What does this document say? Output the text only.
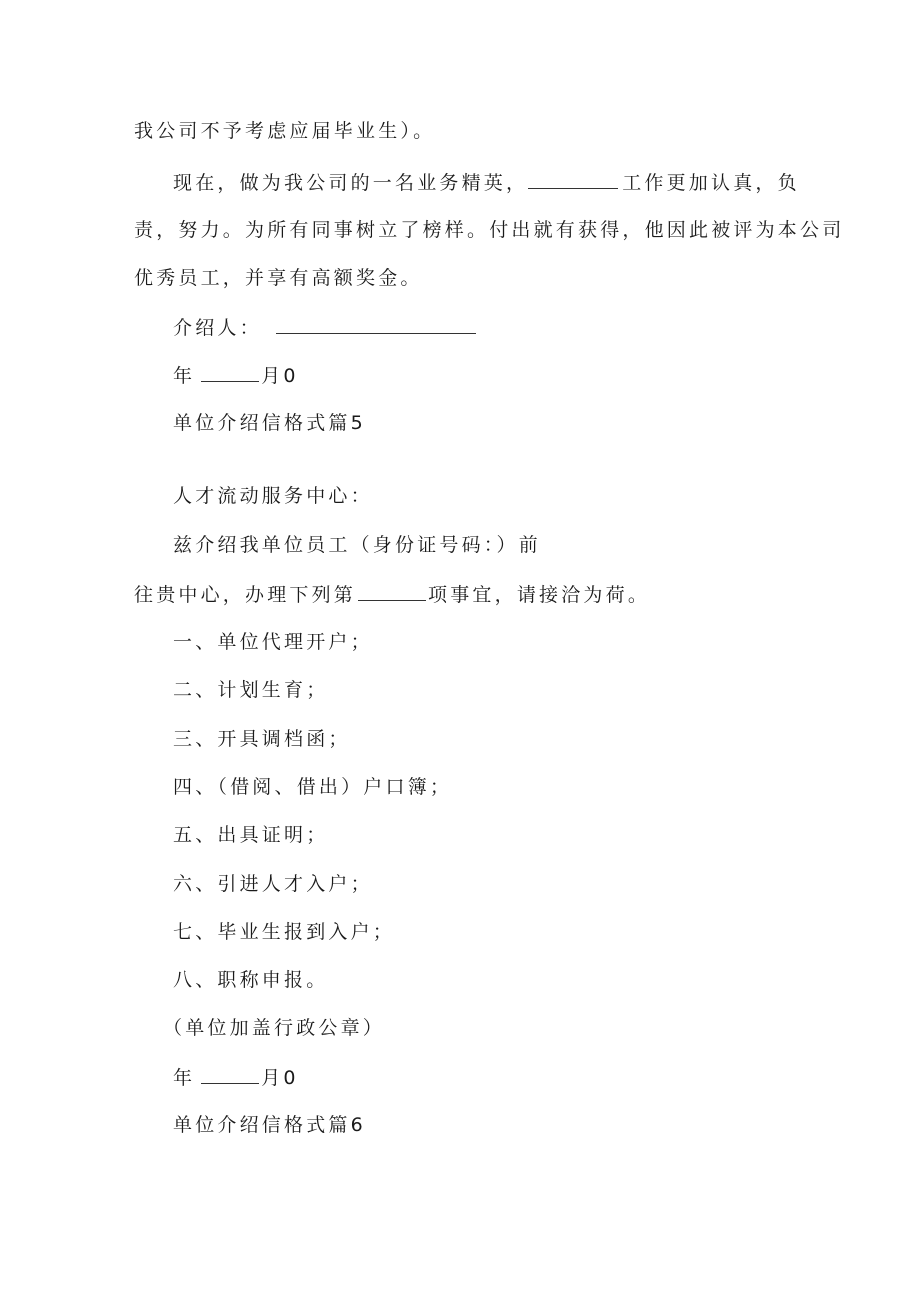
我公司不予考虑应届毕业生）。
现在，做为我公司的一名业务精英，	工作更加认真，负
责，努力。为所有同事树立了榜样。付出就有获得，他因此被评为本公司
优秀员工，并享有高额奖金。
介绍人：
年	月0
单位介绍信格式篇5
人才流动服务中心：
兹介绍我单位员工（身份证号码：）前
往贵中心，办理下列第	项事宜，请接洽为荷。
一、单位代理开户；
二、计划生育；
三、开具调档函；
四、（借阅、借出）户口簿；
五、出具证明；
六、引进人才入户；
七、毕业生报到入户；
八、职称申报。
（单位加盖行政公章）
年	月0
单位介绍信格式篇6
